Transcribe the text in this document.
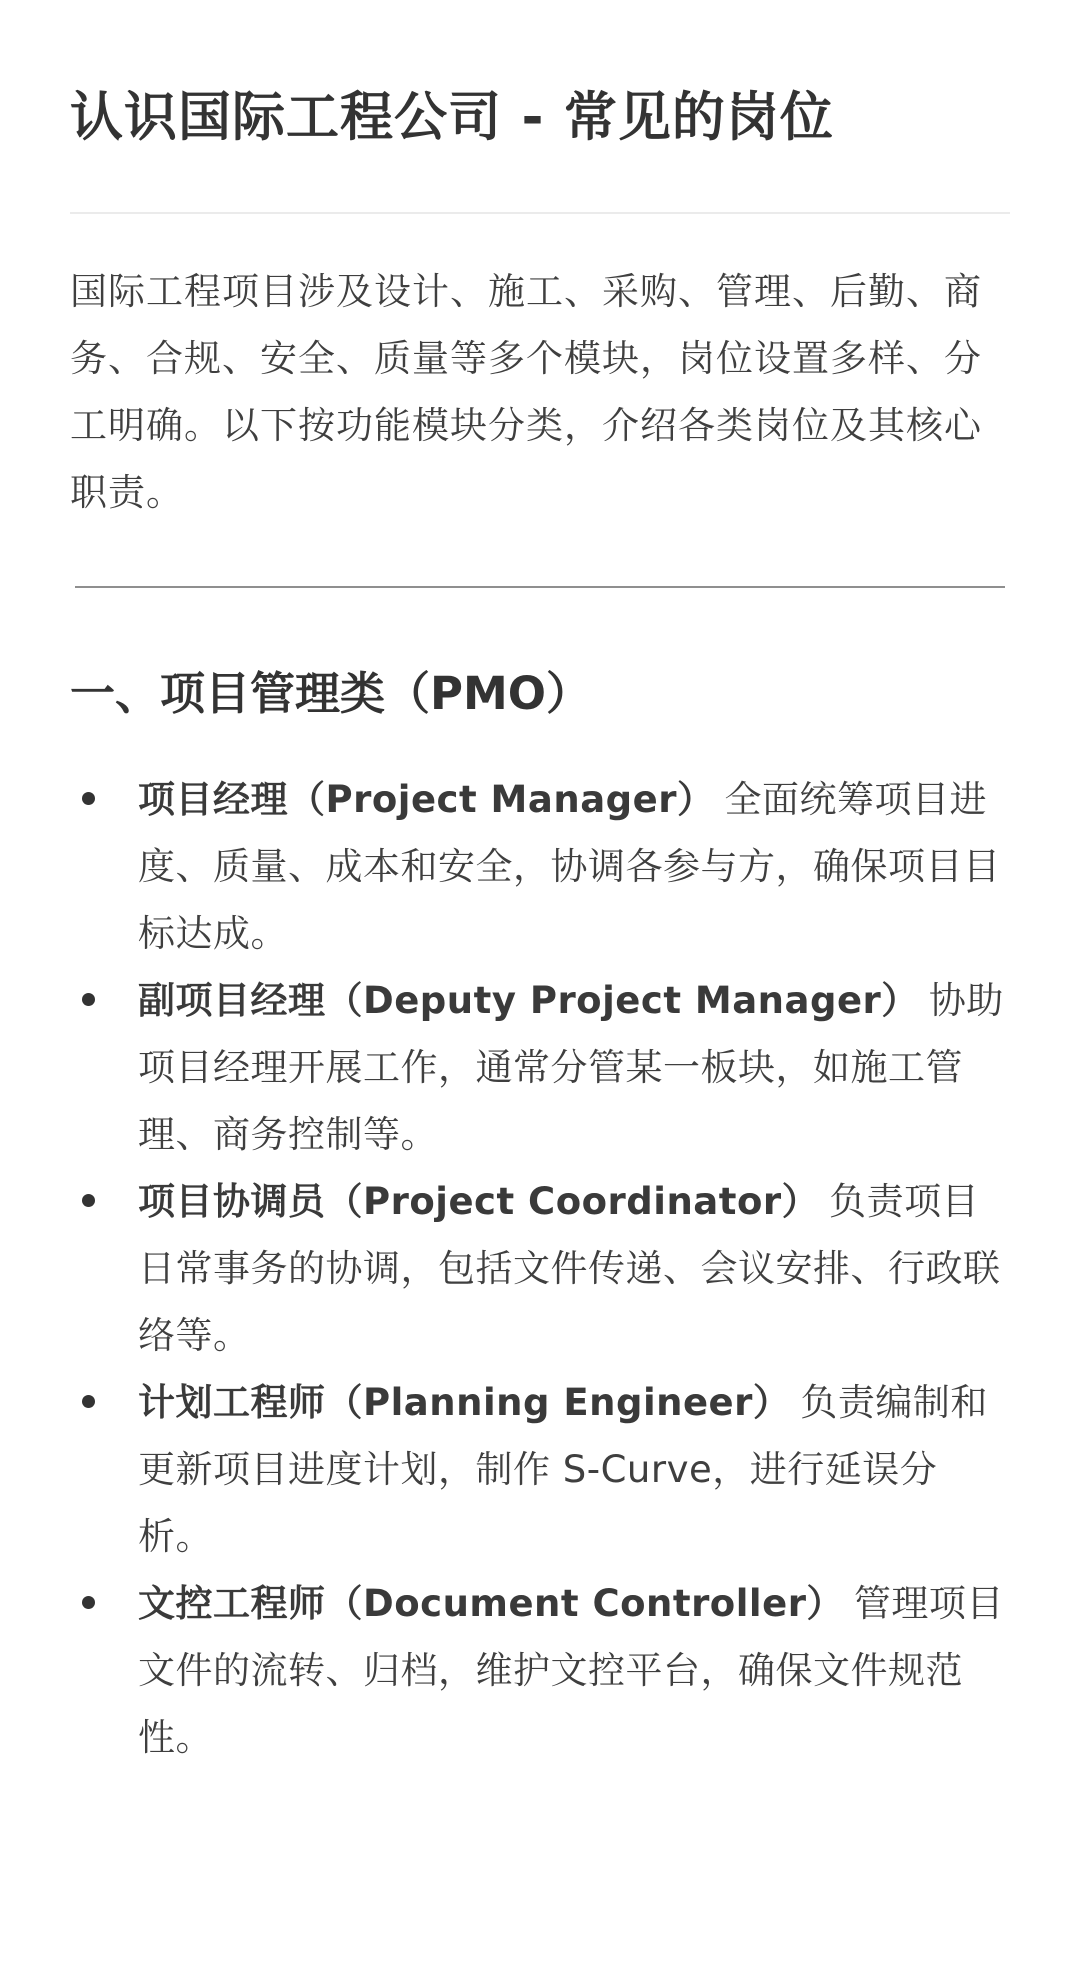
认识国际工程公司 - 常见的岗位

国际工程项目涉及设计、施工、采购、管理、后勤、商务、合规、安全、质量等多个模块，岗位设置多样、分工明确。以下按功能模块分类，介绍各类岗位及其核心职责。

一、项目管理类（PMO）
项目经理（Project Manager） 全面统筹项目进度、质量、成本和安全，协调各参与方，确保项目目标达成。
副项目经理（Deputy Project Manager） 协助项目经理开展工作，通常分管某一板块，如施工管理、商务控制等。
项目协调员（Project Coordinator） 负责项目日常事务的协调，包括文件传递、会议安排、行政联络等。
计划工程师（Planning Engineer） 负责编制和更新项目进度计划，制作 S-Curve，进行延误分析。
文控工程师（Document Controller） 管理项目文件的流转、归档，维护文控平台，确保文件规范性。
